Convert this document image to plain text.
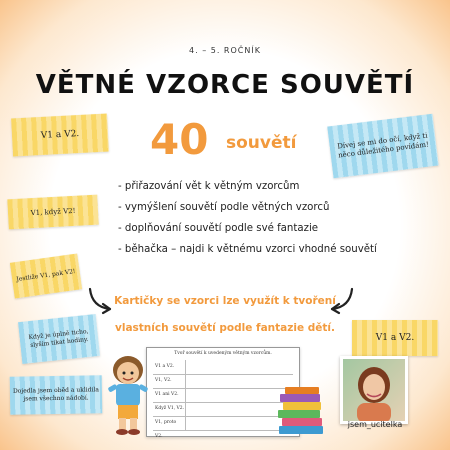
4. – 5. ROČNÍK
VĚTNÉ VZORCE SOUVĚTÍ
40 souvětí
V1 a V2.	Dívej se mi do očí, když ti něco důležitého povídám!
V1, když V2!
Jestliže V1, pak V2!
Když je úplně ticho, slyším tikat hodiny.	V1 a V2.
Dojedla jsem oběd a uklidila jsem všechno nádobí.
- přiřazování vět k větným vzorcům
- vymýšlení souvětí podle větných vzorců
- doplňování souvětí podle své fantazie
- běhačka – najdi k větnému vzorci vhodné souvětí
Kartičky se vzorci lze využít k tvoření
vlastních souvětí podle fantazie dětí.
Tvoř souvětí k uvedeným větným vzorcům.
V1 a V2.
V1, V2.
V1 ani V2.
Když V1, V2.
V1, proto V2.
jsem_ucitelka
